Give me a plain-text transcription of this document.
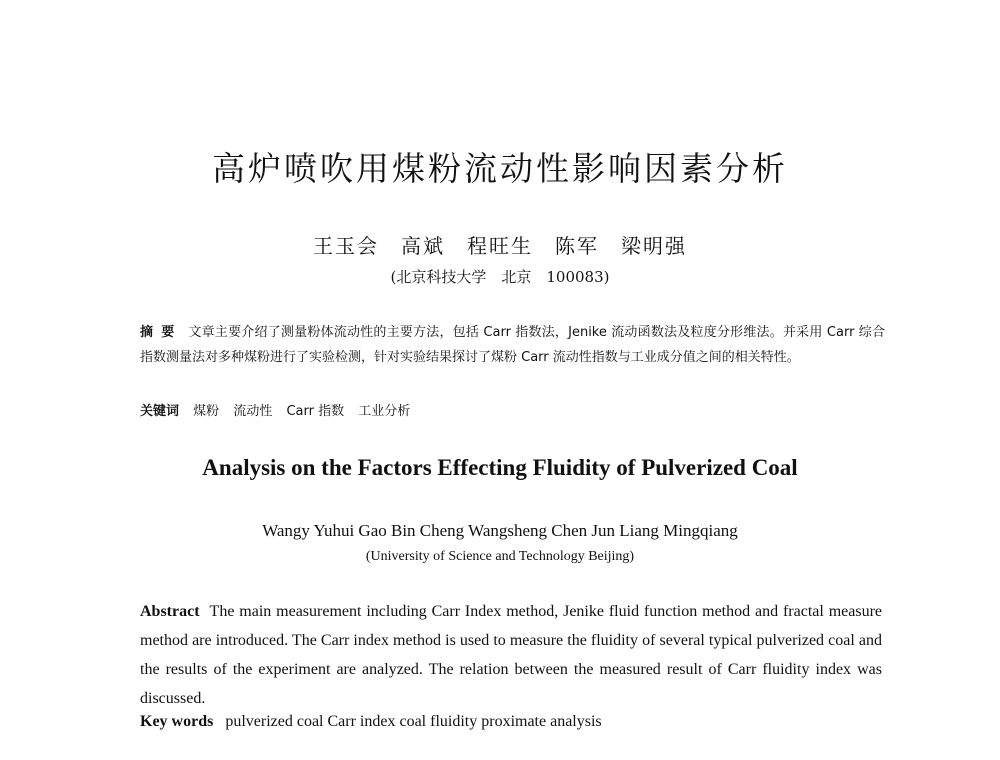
高炉喷吹用煤粉流动性影响因素分析
王玉会　高斌　程旺生　陈军　梁明强
(北京科技大学　北京　100083)
摘要 文章主要介绍了测量粉体流动性的主要方法，包括 Carr 指数法，Jenike 流动函数法及粒度分形维法。并采用 Carr 综合指数测量法对多种煤粉进行了实验检测，针对实验结果探讨了煤粉 Carr 流动性指数与工业成分值之间的相关特性。
关键词 煤粉 流动性 Carr 指数 工业分析
Analysis on the Factors Effecting Fluidity of Pulverized Coal
Wangy Yuhui Gao Bin Cheng Wangsheng Chen Jun Liang Mingqiang
(University of Science and Technology Beijing)
Abstract The main measurement including Carr Index method, Jenike fluid function method and fractal measure method are introduced. The Carr index method is used to measure the fluidity of several typical pulverized coal and the results of the experiment are analyzed. The relation between the measured result of Carr fluidity index was discussed.
Key words pulverized coal Carr index coal fluidity proximate analysis
